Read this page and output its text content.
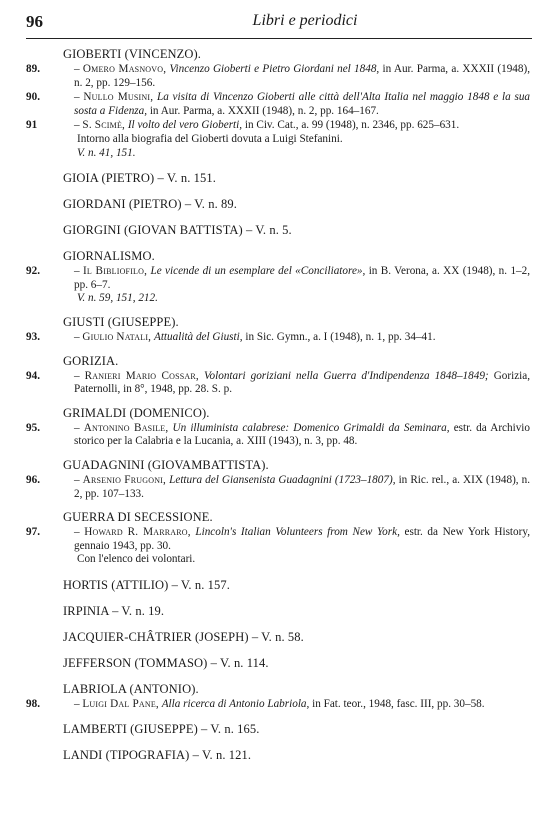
96	Libri e periodici
GIOBERTI (VINCENZO).
89.	– Omero Masnovo, Vincenzo Gioberti e Pietro Giordani nel 1848, in Aur. Parma, a. XXXII (1948), n. 2, pp. 129–156.
90.	– Nullo Musini, La visita di Vincenzo Gioberti alle città dell'Alta Italia nel maggio 1848 e la sua sosta a Fidenza, in Aur. Parma, a. XXXII (1948), n. 2, pp. 164–167.
91	– S. Scimè, Il volto del vero Gioberti, in Civ. Cat., a. 99 (1948), n. 2346, pp. 625–631.
Intorno alla biografia del Gioberti dovuta a Luigi Stefanini.
V. n. 41, 151.
GIOIA (PIETRO) – V. n. 151.
GIORDANI (PIETRO) – V. n. 89.
GIORGINI (GIOVAN BATTISTA) – V. n. 5.
GIORNALISMO.
92.	– Il Bibliofilo, Le vicende di un esemplare del «Conciliatore», in B. Verona, a. XX (1948), n. 1–2, pp. 6–7.
V. n. 59, 151, 212.
GIUSTI (GIUSEPPE).
93.	– Giulio Natali, Attualità del Giusti, in Sic. Gymn., a. I (1948), n. 1, pp. 34–41.
GORIZIA.
94.	– Ranieri Mario Cossar, Volontari goriziani nella Guerra d'Indipendenza 1848–1849; Gorizia, Paternolli, in 8°, 1948, pp. 28. S. p.
GRIMALDI (DOMENICO).
95.	– Antonino Basile, Un illuminista calabrese: Domenico Grimaldi da Seminara, estr. da Archivio storico per la Calabria e la Lucania, a. XIII (1943), n. 3, pp. 48.
GUADAGNINI (GIOVAMBATTISTA).
96.	– Arsenio Frugoni, Lettura del Giansenista Guadagnini (1723–1807), in Ric. rel., a. XIX (1948), n. 2, pp. 107–133.
GUERRA DI SECESSIONE.
97.	– Howard R. Marraro, Lincoln's Italian Volunteers from New York, estr. da New York History, gennaio 1943, pp. 30.
Con l'elenco dei volontari.
HORTIS (ATTILIO) – V. n. 157.
IRPINIA – V. n. 19.
JACQUIER-CHÂTRIER (JOSEPH) – V. n. 58.
JEFFERSON (TOMMASO) – V. n. 114.
LABRIOLA (ANTONIO).
98.	– Luigi Dal Pane, Alla ricerca di Antonio Labriola, in Fat. teor., 1948, fasc. III, pp. 30–58.
LAMBERTI (GIUSEPPE) – V. n. 165.
LANDI (TIPOGRAFIA) – V. n. 121.
